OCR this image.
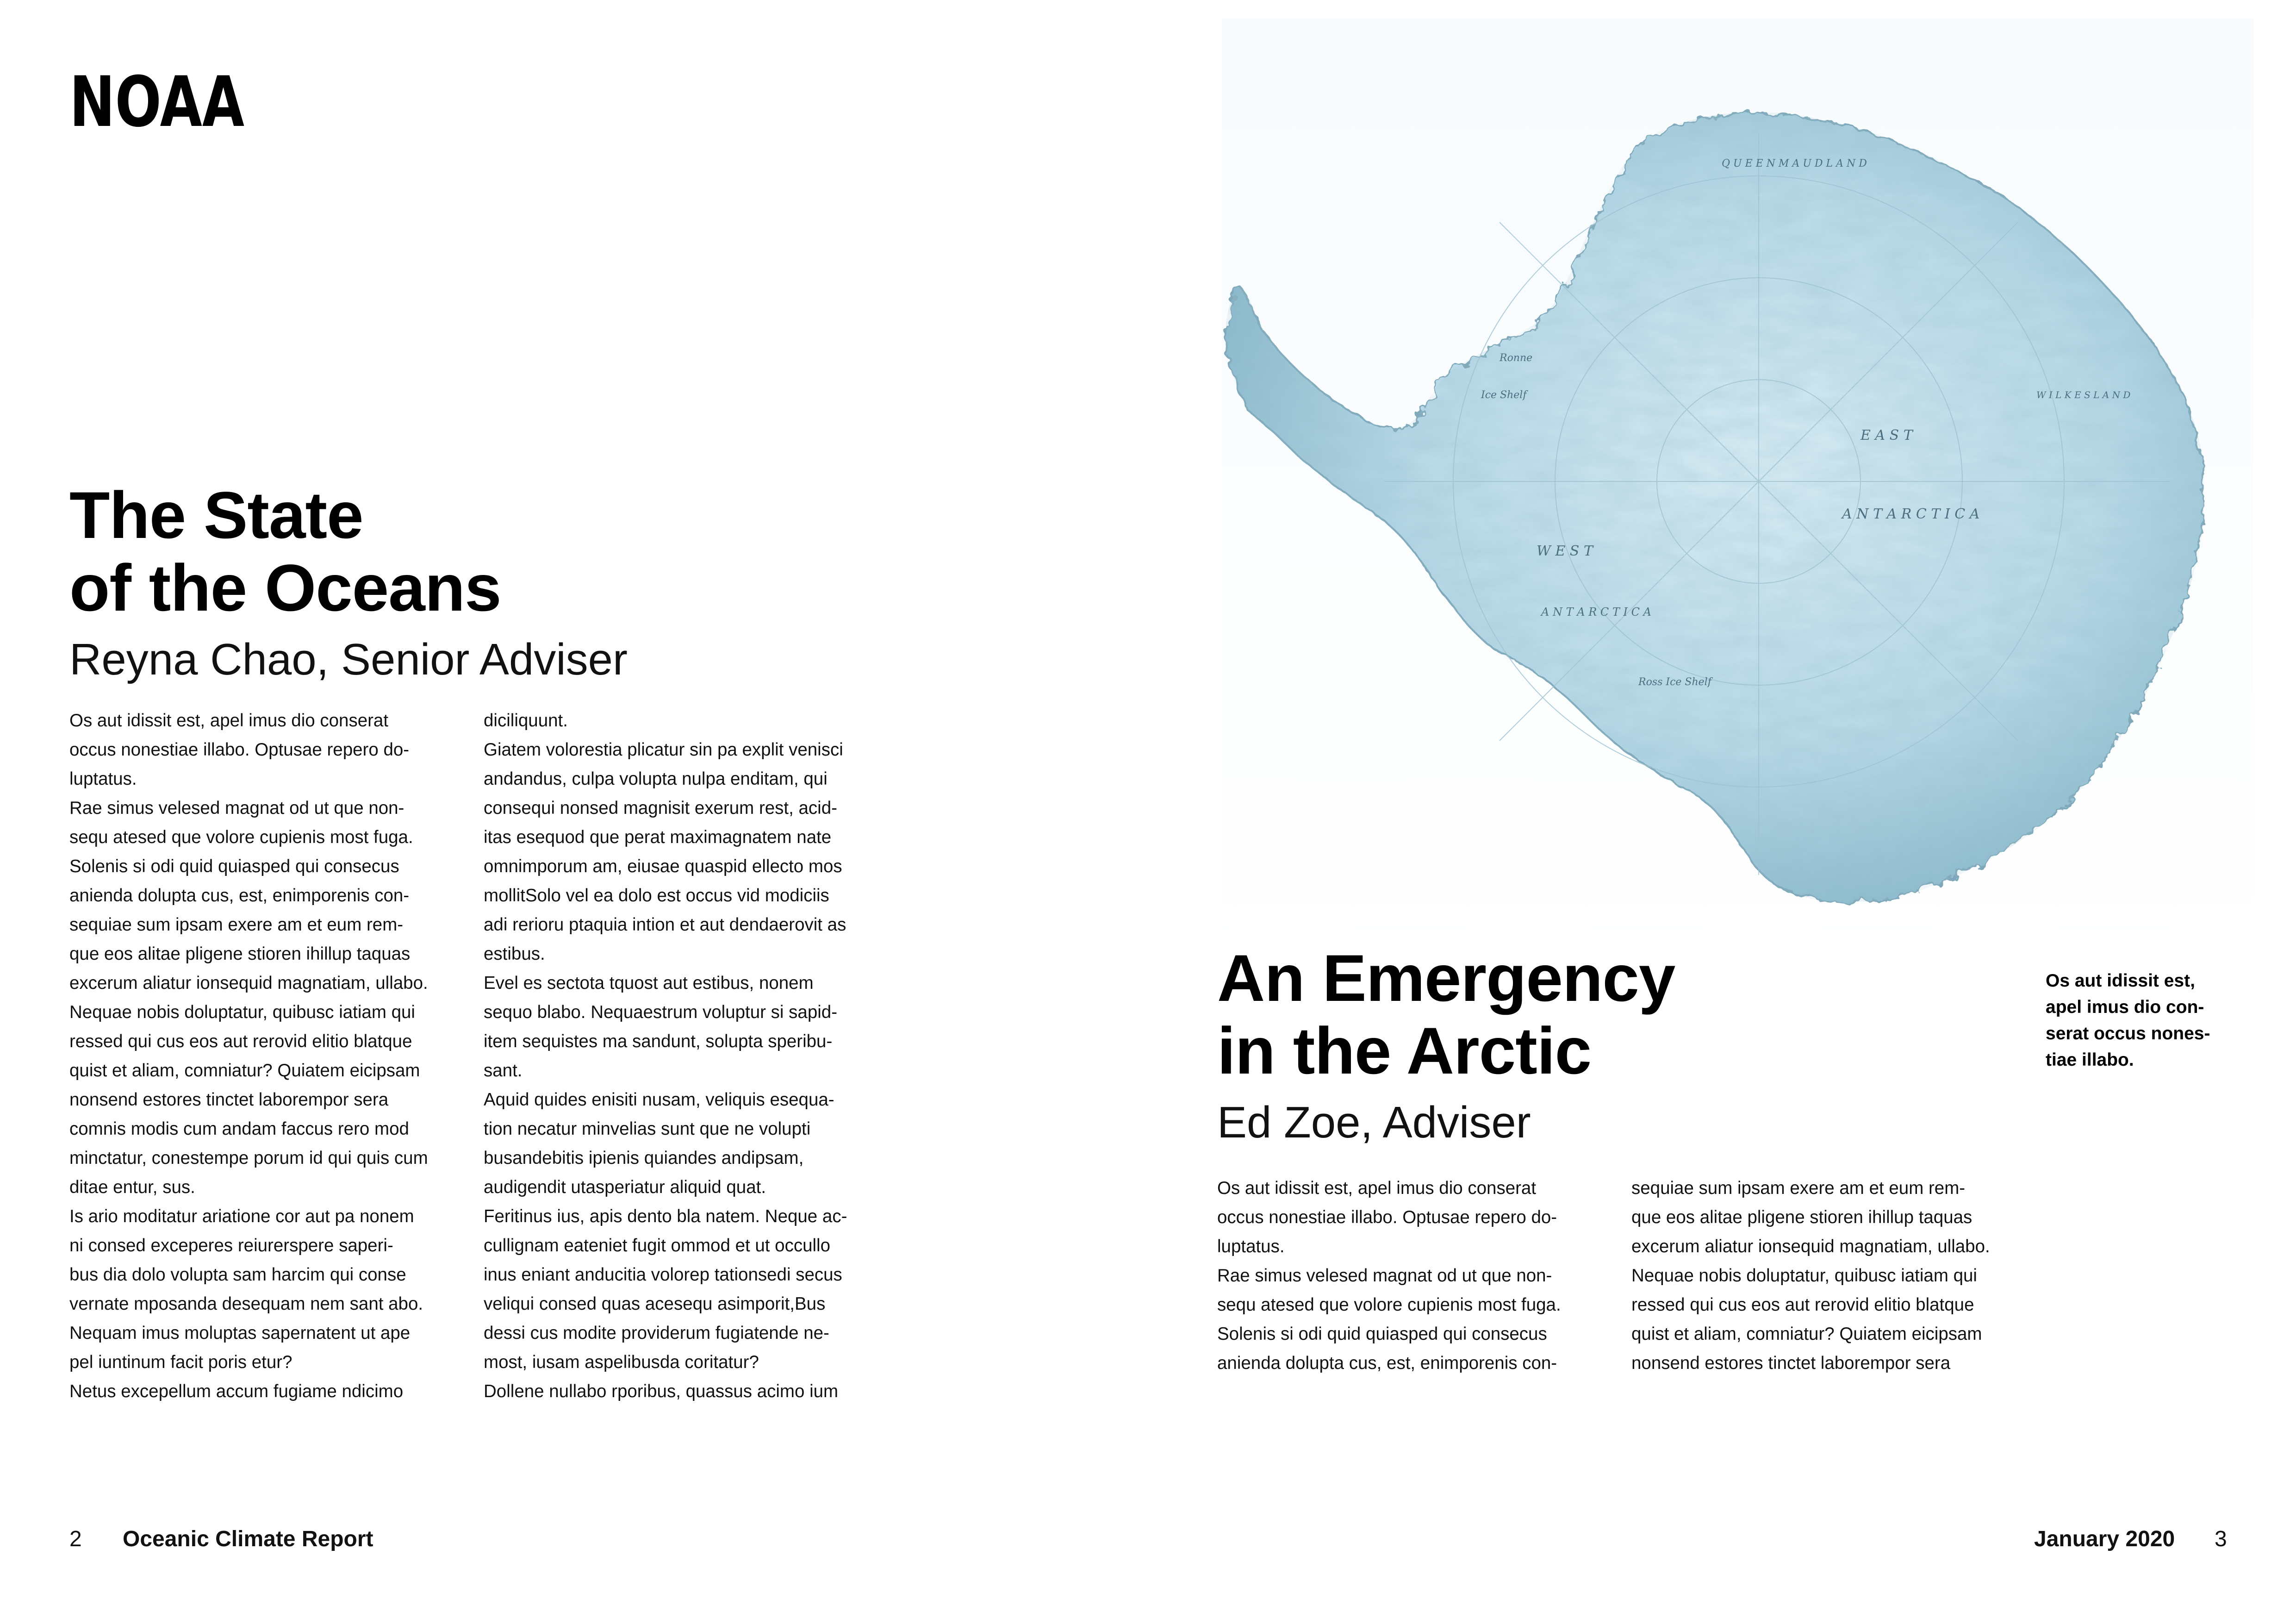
NOAA
The State
of the Oceans
Reyna Chao, Senior Adviser
Os aut idissit est, apel imus dio conserat
occus nonestiae illabo. Optusae repero do-
luptatus.
Rae simus velesed magnat od ut que non-
sequ atesed que volore cupienis most fuga.
Solenis si odi quid quiasped qui consecus
anienda dolupta cus, est, enimporenis con-
sequiae sum ipsam exere am et eum rem-
que eos alitae pligene stioren ihillup taquas
excerum aliatur ionsequid magnatiam, ullabo.
Nequae nobis doluptatur, quibusc iatiam qui
ressed qui cus eos aut rerovid elitio blatque
quist et aliam, comniatur? Quiatem eicipsam
nonsend estores tinctet laborempor sera
comnis modis cum andam faccus rero mod
minctatur, conestempe porum id qui quis cum
ditae entur, sus.
Is ario moditatur ariatione cor aut pa nonem
ni consed exceperes reiurerspere saperi-
bus dia dolo volupta sam harcim qui conse
vernate mposanda desequam nem sant abo.
Nequam imus moluptas sapernatent ut ape
pel iuntinum facit poris etur?
Netus excepellum accum fugiame ndicimo
diciliquunt.
Giatem volorestia plicatur sin pa explit venisci
andandus, culpa volupta nulpa enditam, qui
consequi nonsed magnisit exerum rest, acid-
itas esequod que perat maximagnatem nate
omnimporum am, eiusae quaspid ellecto mos
mollitSolo vel ea dolo est occus vid modiciis
adi rerioru ptaquia intion et aut dendaerovit as
estibus.
Evel es sectota tquost aut estibus, nonem
sequo blabo. Nequaestrum voluptur si sapid-
item sequistes ma sandunt, solupta speribu-
sant.
Aquid quides enisiti nusam, veliquis esequa-
tion necatur minvelias sunt que ne volupti
busandebitis ipienis quiandes andipsam,
audigendit utasperiatur aliquid quat.
Feritinus ius, apis dento bla natem. Neque ac-
cullignam eateniet fugit ommod et ut occullo
inus eniant anducitia volorep tationsedi secus
veliqui consed quas acesequ asimporit,Bus
dessi cus modite providerum fugiatende ne-
most, iusam aspelibusda coritatur?
Dollene nullabo rporibus, quassus acimo ium
E A S T
A N T A R C T I C A
W E S T
A N T A R C T I C A
Q U E E N M A U D L A N D
Ice Shelf
Ross Ice Shelf
Ronne
W I L K E S L A N D
An Emergency
in the Arctic
Ed Zoe, Adviser
Os aut idissit est, apel imus dio conserat
occus nonestiae illabo. Optusae repero do-
luptatus.
Rae simus velesed magnat od ut que non-
sequ atesed que volore cupienis most fuga.
Solenis si odi quid quiasped qui consecus
anienda dolupta cus, est, enimporenis con-
sequiae sum ipsam exere am et eum rem-
que eos alitae pligene stioren ihillup taquas
excerum aliatur ionsequid magnatiam, ullabo.
Nequae nobis doluptatur, quibusc iatiam qui
ressed qui cus eos aut rerovid elitio blatque
quist et aliam, comniatur? Quiatem eicipsam
nonsend estores tinctet laborempor sera
Os aut idissit est,
apel imus dio con-
serat occus nones-
tiae illabo.
2 Oceanic Climate Report	January 2020 3
